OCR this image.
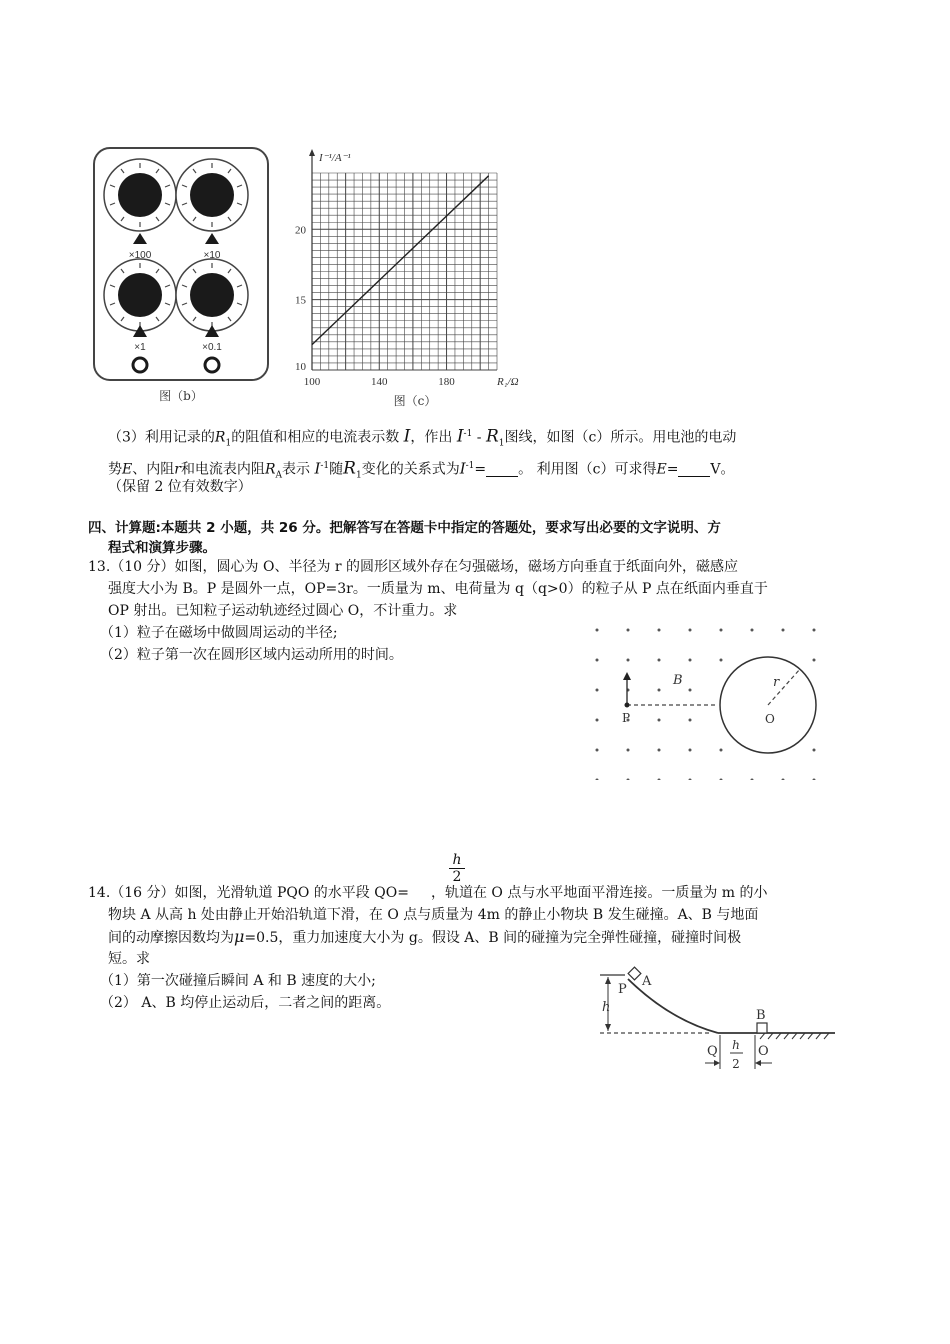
×100	×10
×1	×0.1
图（b）
100	140	180
10
15
20
I⁻¹/A⁻¹
R₁/Ω
图（c）
（3）利用记录的$R_1$的阻值和相应的电流表示数 I，作出 $I^{-1} - R_1$图线，如图（c）所示。用电池的电动
势E、内阻r和电流表内阻$R_A$表示 $I^{-1}$随$R_1$变化的关系式为$I^{-1}=$ 。 利用图（c）可求得E= V。
（保留 2 位有效数字）
四、计算题:本题共 2 小题，共 26 分。把解答写在答题卡中指定的答题处，要求写出必要的文字说明、方
程式和演算步骤。
13.（10 分）如图，圆心为 O、半径为 r 的圆形区域外存在匀强磁场，磁场方向垂直于纸面向外，磁感应
强度大小为 B。P 是圆外一点，OP=3r。一质量为 m、电荷量为 q（q>0）的粒子从 P 点在纸面内垂直于
OP 射出。已知粒子运动轨迹经过圆心 O，不计重力。求
（1）粒子在磁场中做圆周运动的半径;
（2）粒子第一次在圆形区域内运动所用的时间。
P	O
B	r
h
2
14.（16 分）如图，光滑轨道 PQO 的水平段 QO= ，轨道在 O 点与水平地面平滑连接。一质量为 m 的小
物块 A 从高 h 处由静止开始沿轨道下滑，在 O 点与质量为 4m 的静止小物块 B 发生碰撞。A、B 与地面
间的动摩擦因数均为μ=0.5，重力加速度大小为 g。假设 A、B 间的碰撞为完全弹性碰撞，碰撞时间极
短。求
（1）第一次碰撞后瞬间 A 和 B 速度的大小;
（2） A、B 均停止运动后，二者之间的距离。	h
A
P
B
Q	O
h
2
